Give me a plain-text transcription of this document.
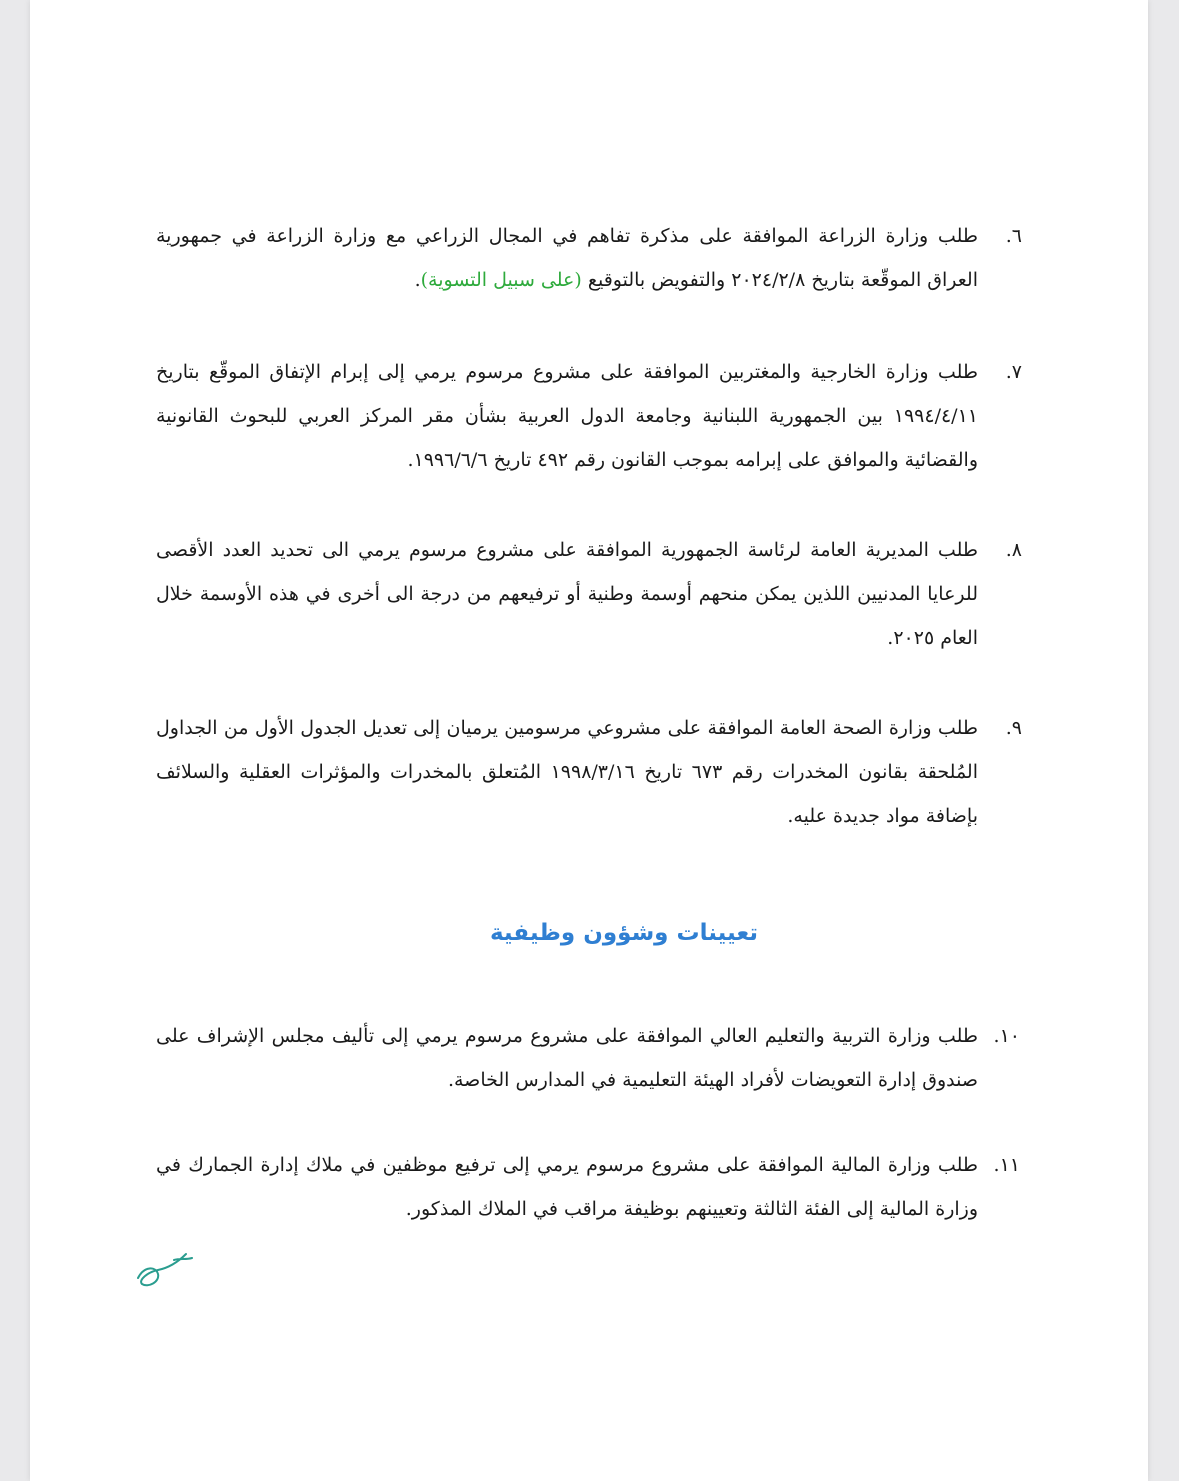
٦.
طلب وزارة الزراعة الموافقة على مذكرة تفاهم في المجال الزراعي مع وزارة الزراعة في جمهورية العراق الموقّعة بتاريخ ٢٠٢٤/٢/٨ والتفويض بالتوقيع (على سبيل التسوية).
٧.
طلب وزارة الخارجية والمغتربين الموافقة على مشروع مرسوم يرمي إلى إبرام الإتفاق الموقّع بتاريخ ١٩٩٤/٤/١١ بين الجمهورية اللبنانية وجامعة الدول العربية بشأن مقر المركز العربي للبحوث القانونية والقضائية والموافق على إبرامه بموجب القانون رقم ٤٩٢ تاريخ ١٩٩٦/٦/٦.
٨.
طلب المديرية العامة لرئاسة الجمهورية الموافقة على مشروع مرسوم يرمي الى تحديد العدد الأقصى للرعايا المدنيين اللذين يمكن منحهم أوسمة وطنية أو ترفيعهم من درجة الى أخرى في هذه الأوسمة خلال العام ٢٠٢٥.
٩.
طلب وزارة الصحة العامة الموافقة على مشروعي مرسومين يرميان إلى تعديل الجدول الأول من الجداول المُلحقة بقانون المخدرات رقم ٦٧٣ تاريخ ١٩٩٨/٣/١٦ المُتعلق بالمخدرات والمؤثرات العقلية والسلائف بإضافة مواد جديدة عليه.
تعيينات وشؤون وظيفية
١٠.
طلب وزارة التربية والتعليم العالي الموافقة على مشروع مرسوم يرمي إلى تأليف مجلس الإشراف على صندوق إدارة التعويضات لأفراد الهيئة التعليمية في المدارس الخاصة.
١١.
طلب وزارة المالية الموافقة على مشروع مرسوم يرمي إلى ترفيع موظفين في ملاك إدارة الجمارك في وزارة المالية إلى الفئة الثالثة وتعيينهم بوظيفة مراقب في الملاك المذكور.
